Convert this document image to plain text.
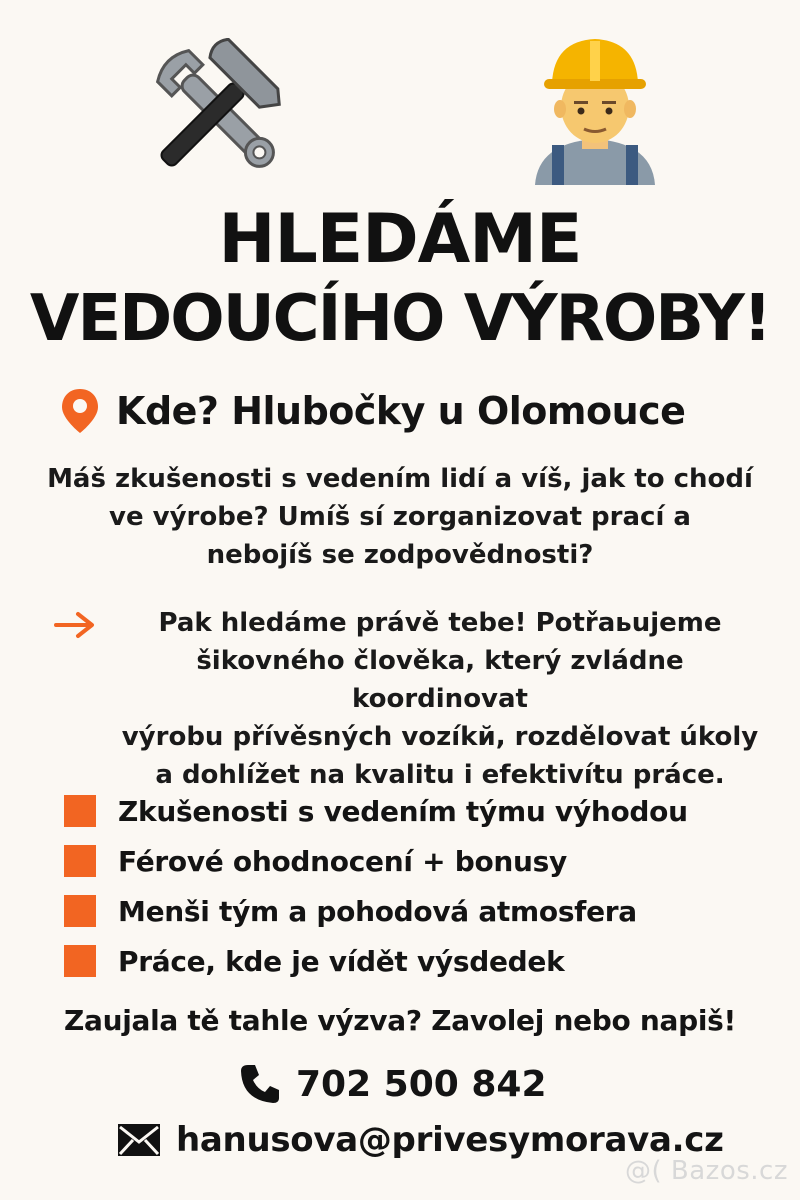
HLEDÁME
VEDOUCÍHO VÝROBY!
Kde? Hlubočky u Olomouce
Máš zkušenosti s vedením lidí a víš, jak to chodí
ve výrobe? Umíš sí zorganizovat prací a
nebojíš se zodpovědnosti?
Pak hledáme právě tebe! Potřaьujeme
šikovného člověka, který zvládne koordinovat
výrobu přívěsných vozíkй, rozdělovat úkoly
a dohlížet na kvalitu i efektivítu práce.
Zkušenosti s vedením týmu výhodou
Férové ohodnocení + bonusy
Menši tým a pohodová atmosfera
Práce, kde je vídět výsdedek
Zaujala tě tahle výzva? Zavolej nebo napiš!
702 500 842
hanusova@privesymorava.cz
@( Bazos.cz
